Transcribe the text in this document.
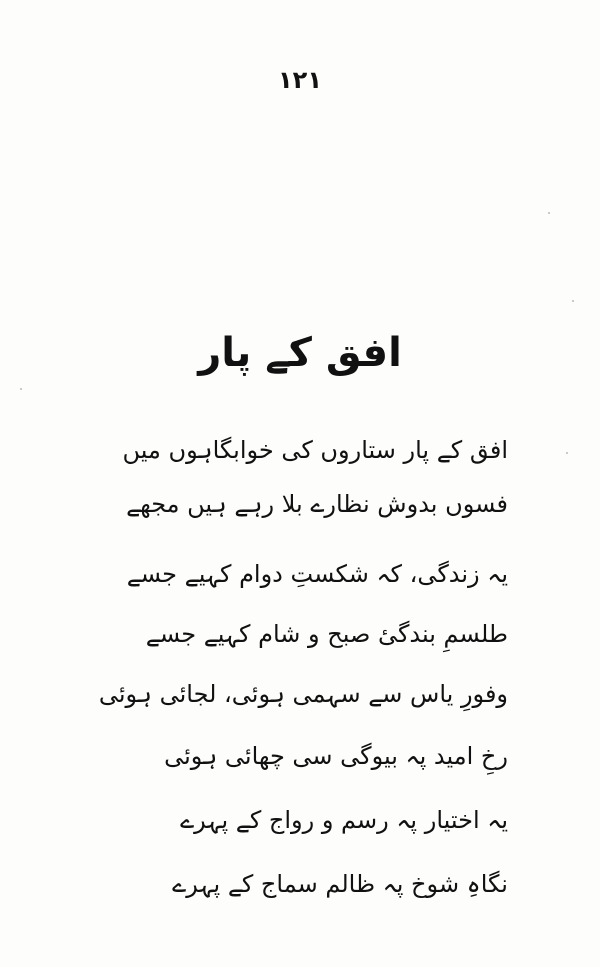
۱۲۱
افق کے پار
افق کے پار ستاروں کی خوابگاہوں میں
فسوں بدوش نظارے بلا رہے ہیں مجھے
یہ زندگی، کہ شکستِ دوام کہیے جسے
طلسمِ بندگیٔ صبح و شام کہیے جسے
وفورِ یاس سے سہمی ہوئی، لجائی ہوئی
رخِ امید پہ بیوگی سی چھائی ہوئی
یہ اختیار پہ رسم و رواج کے پہرے
نگاہِ شوخ پہ ظالم سماج کے پہرے
